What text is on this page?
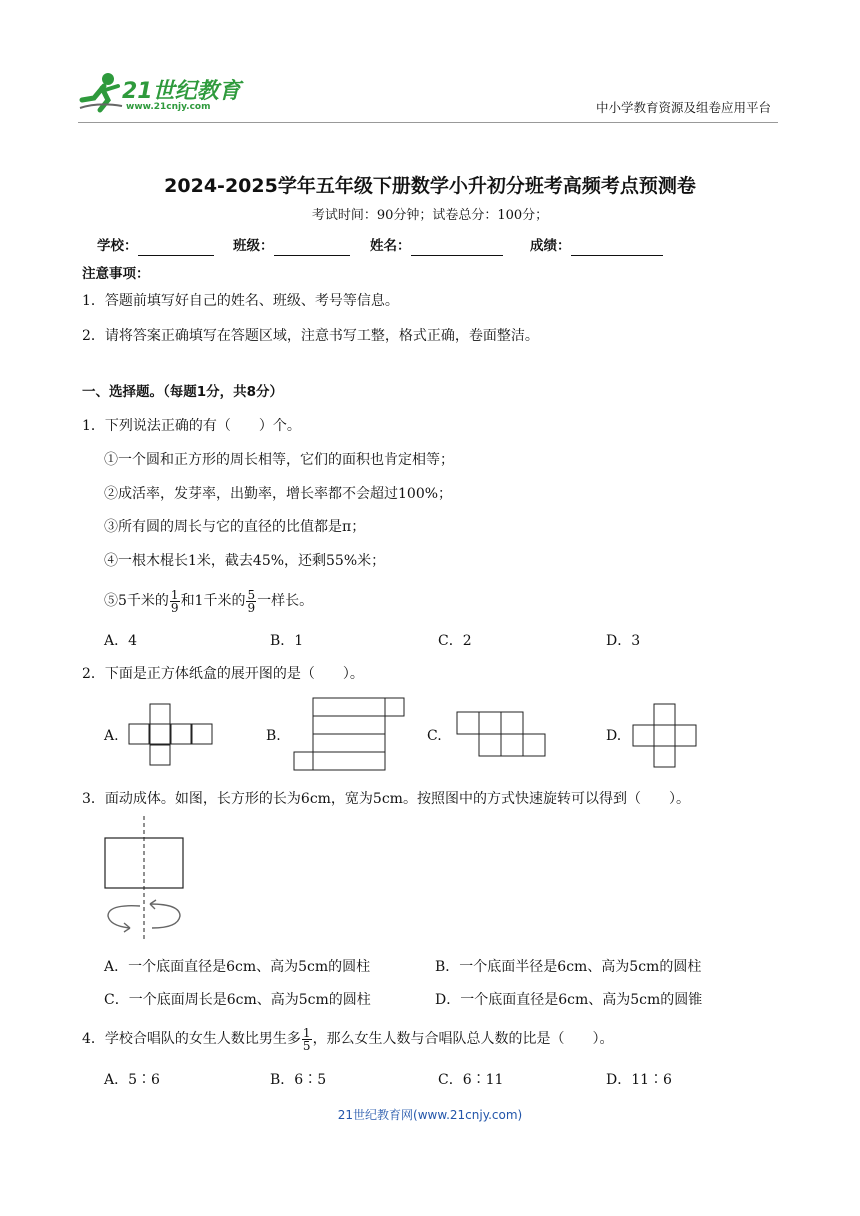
21世纪教育
www.21cnjy.com	中小学教育资源及组卷应用平台
2024-2025学年五年级下册数学小升初分班考高频考点预测卷
考试时间：90分钟；试卷总分：100分；
学校：	班级：	姓名：	成绩：
注意事项：
1．答题前填写好自己的姓名、班级、考号等信息。
2．请将答案正确填写在答题区域，注意书写工整，格式正确，卷面整洁。
一、选择题。（每题1分，共8分）
1．下列说法正确的有（　　）个。
①一个圆和正方形的周长相等，它们的面积也肯定相等；
②成活率，发芽率，出勤率，增长率都不会超过100%；
③所有圆的周长与它的直径的比值都是π；
④一根木棍长1米，截去45%，还剩55%米；
⑤5千米的 $\frac{1}{9}$ 和1千米的 $\frac{5}{9}$ 一样长。
A．4	B．1	C．2	D．3
2．下面是正方体纸盒的展开图的是（　　）。
A.	B.	C.	D.
3．面动成体。如图，长方形的长为6cm，宽为5cm。按照图中的方式快速旋转可以得到（　　）。
A．一个底面直径是6cm、高为5cm的圆柱	B．一个底面半径是6cm、高为5cm的圆柱
C．一个底面周长是6cm、高为5cm的圆柱	D．一个底面直径是6cm、高为5cm的圆锥
4．学校合唱队的女生人数比男生多 $\frac{1}{5}$ ，那么女生人数与合唱队总人数的比是（　　）。
A．5∶6	B．6∶5	C．6∶11	D．11∶6
21世纪教育网(www.21cnjy.com)
